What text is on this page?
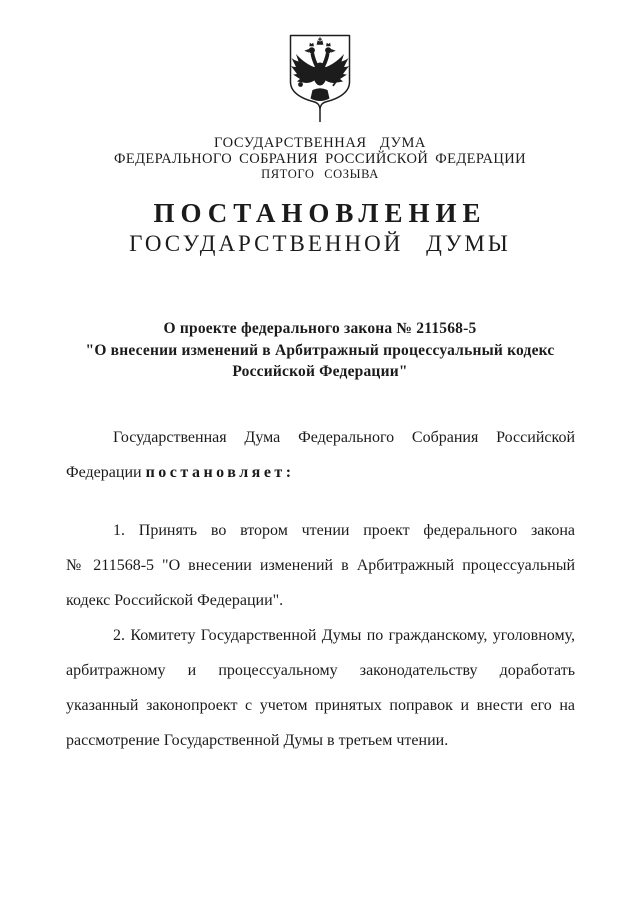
ГОСУДАРСТВЕННАЯ ДУМА
ФЕДЕРАЛЬНОГО СОБРАНИЯ РОССИЙСКОЙ ФЕДЕРАЦИИ
ПЯТОГО СОЗЫВА
ПОСТАНОВЛЕНИЕ
ГОСУДАРСТВЕННОЙ ДУМЫ
О проекте федерального закона № 211568-5
"О внесении изменений в Арбитражный процессуальный кодекс
Российской Федерации"

Государственная Дума Федерального Собрания Российской Федерации постановляет:

1. Принять во втором чтении проект федерального закона № 211568-5 "О внесении изменений в Арбитражный процессуальный кодекс Российской Федерации".

2. Комитету Государственной Думы по гражданскому, уголовному, арбитражному и процессуальному законодательству доработать указанный законопроект с учетом принятых поправок и внести его на рассмотрение Государственной Думы в третьем чтении.
